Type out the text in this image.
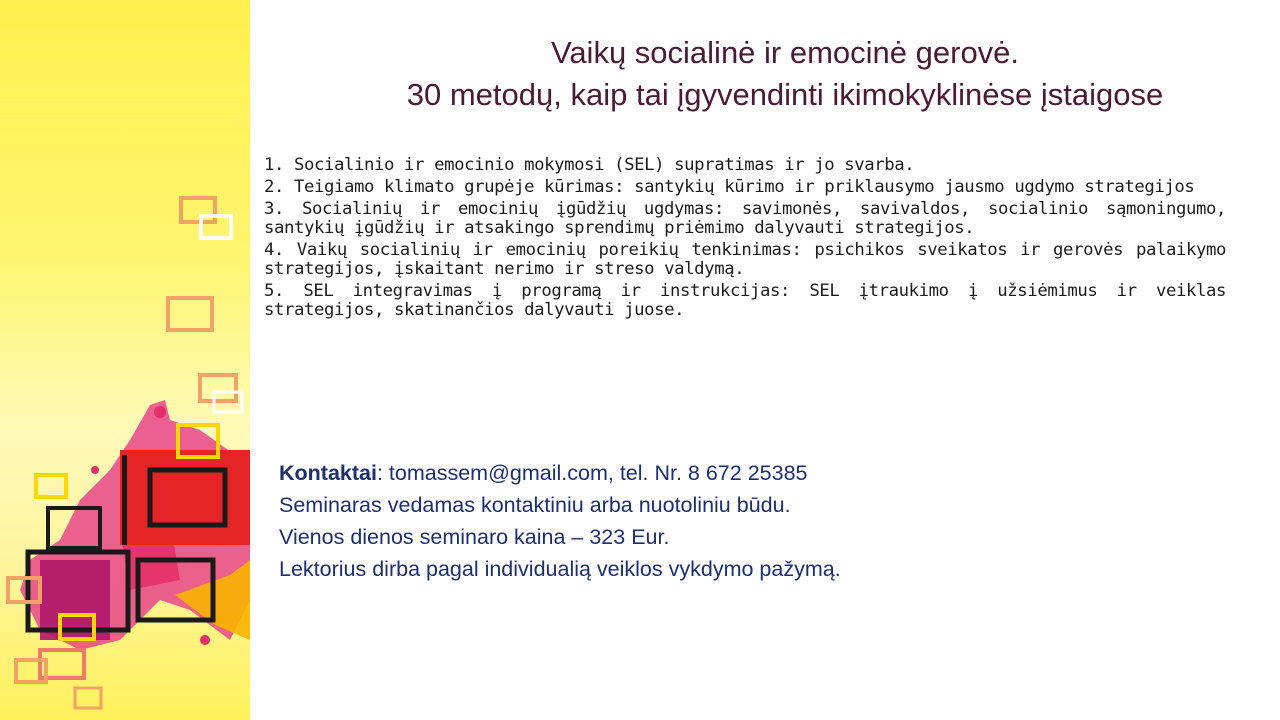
Vaikų socialinė ir emocinė gerovė.
30 metodų, kaip tai įgyvendinti ikimokyklinėse įstaigose
1. Socialinio ir emocinio mokymosi (SEL) supratimas ir jo svarba.
2. Teigiamo klimato grupėje kūrimas: santykių kūrimo ir priklausymo jausmo ugdymo strategijos
3. Socialinių ir emocinių įgūdžių ugdymas: savimonės, savivaldos, socialinio sąmoningumo, santykių įgūdžių ir atsakingo sprendimų priėmimo dalyvauti strategijos.
4. Vaikų socialinių ir emocinių poreikių tenkinimas: psichikos sveikatos ir gerovės palaikymo strategijos, įskaitant nerimo ir streso valdymą.
5. SEL integravimas į programą ir instrukcijas: SEL įtraukimo į užsiėmimus ir veiklas strategijos, skatinančios dalyvauti juose.
Kontaktai: tomassem@gmail.com, tel. Nr. 8 672 25385
Seminaras vedamas kontaktiniu arba nuotoliniu būdu.
Vienos dienos seminaro kaina – 323 Eur.
Lektorius dirba pagal individualią veiklos vykdymo pažymą.
